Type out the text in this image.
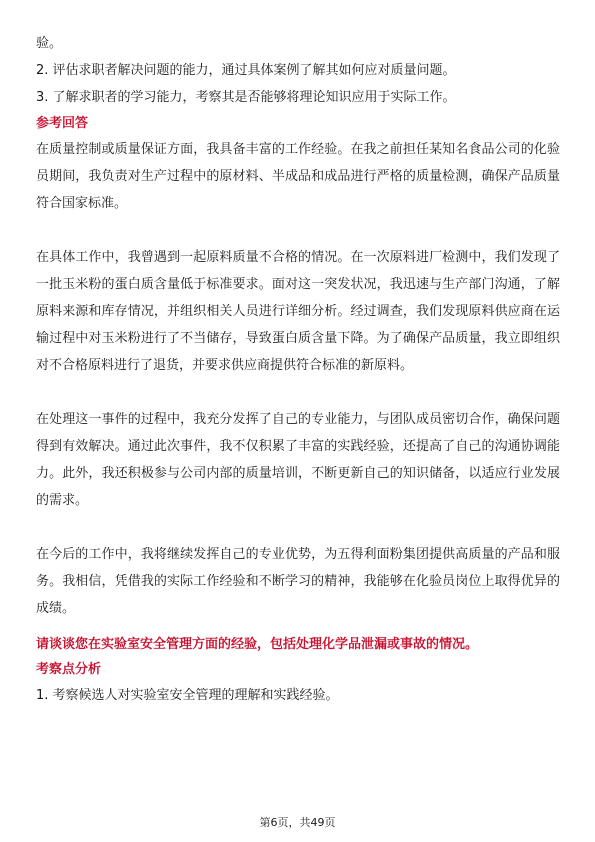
验。

2. 评估求职者解决问题的能力，通过具体案例了解其如何应对质量问题。

3. 了解求职者的学习能力，考察其是否能够将理论知识应用于实际工作。

参考回答

在质量控制或质量保证方面，我具备丰富的工作经验。在我之前担任某知名食品公司的化验员期间，我负责对生产过程中的原材料、半成品和成品进行严格的质量检测，确保产品质量符合国家标准。

在具体工作中，我曾遇到一起原料质量不合格的情况。在一次原料进厂检测中，我们发现了一批玉米粉的蛋白质含量低于标准要求。面对这一突发状况，我迅速与生产部门沟通，了解原料来源和库存情况，并组织相关人员进行详细分析。经过调查，我们发现原料供应商在运输过程中对玉米粉进行了不当储存，导致蛋白质含量下降。为了确保产品质量，我立即组织对不合格原料进行了退货，并要求供应商提供符合标准的新原料。

在处理这一事件的过程中，我充分发挥了自己的专业能力，与团队成员密切合作，确保问题得到有效解决。通过此次事件，我不仅积累了丰富的实践经验，还提高了自己的沟通协调能力。此外，我还积极参与公司内部的质量培训，不断更新自己的知识储备，以适应行业发展的需求。

在今后的工作中，我将继续发挥自己的专业优势，为五得利面粉集团提供高质量的产品和服务。我相信，凭借我的实际工作经验和不断学习的精神，我能够在化验员岗位上取得优异的成绩。

请谈谈您在实验室安全管理方面的经验，包括处理化学品泄漏或事故的情况。

考察点分析

1. 考察候选人对实验室安全管理的理解和实践经验。

第6页，共49页
